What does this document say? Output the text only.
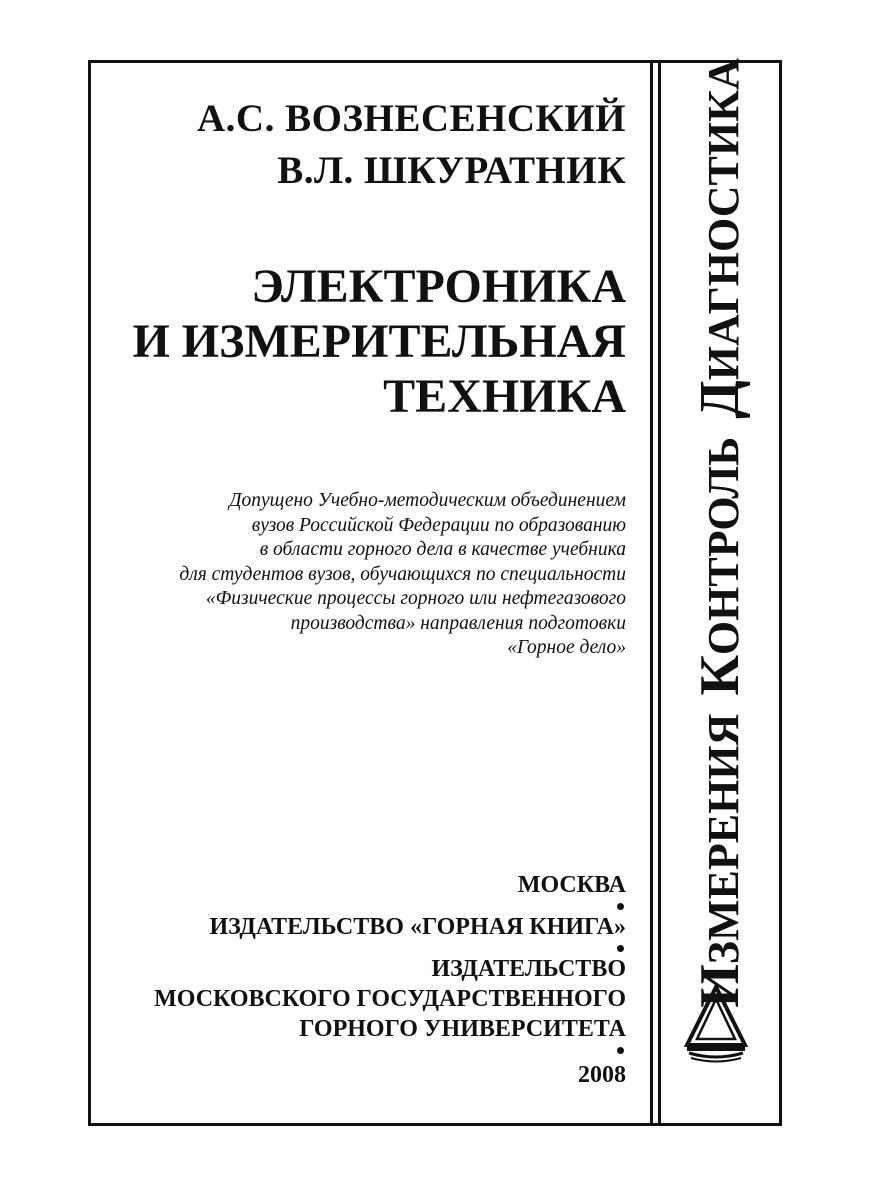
А.С. ВОЗНЕСЕНСКИЙ
В.Л. ШКУРАТНИК
ЭЛЕКТРОНИКА
И ИЗМЕРИТЕЛЬНАЯ
ТЕХНИКА
Допущено Учебно-методическим объединением
вузов Российской Федерации по образованию
в области горного дела в качестве учебника
для студентов вузов, обучающихся по специальности
«Физические процессы горного или нефтегазового
производства» направления подготовки
«Горное дело»
МОСКВА
ИЗДАТЕЛЬСТВО «ГОРНАЯ КНИГА»
ИЗДАТЕЛЬСТВО
МОСКОВСКОГО ГОСУДАРСТВЕННОГО
ГОРНОГО УНИВЕРСИТЕТА
2008
ИЗМЕРЕНИЯКОНТРОЛЬДИАГНОСТИКА
